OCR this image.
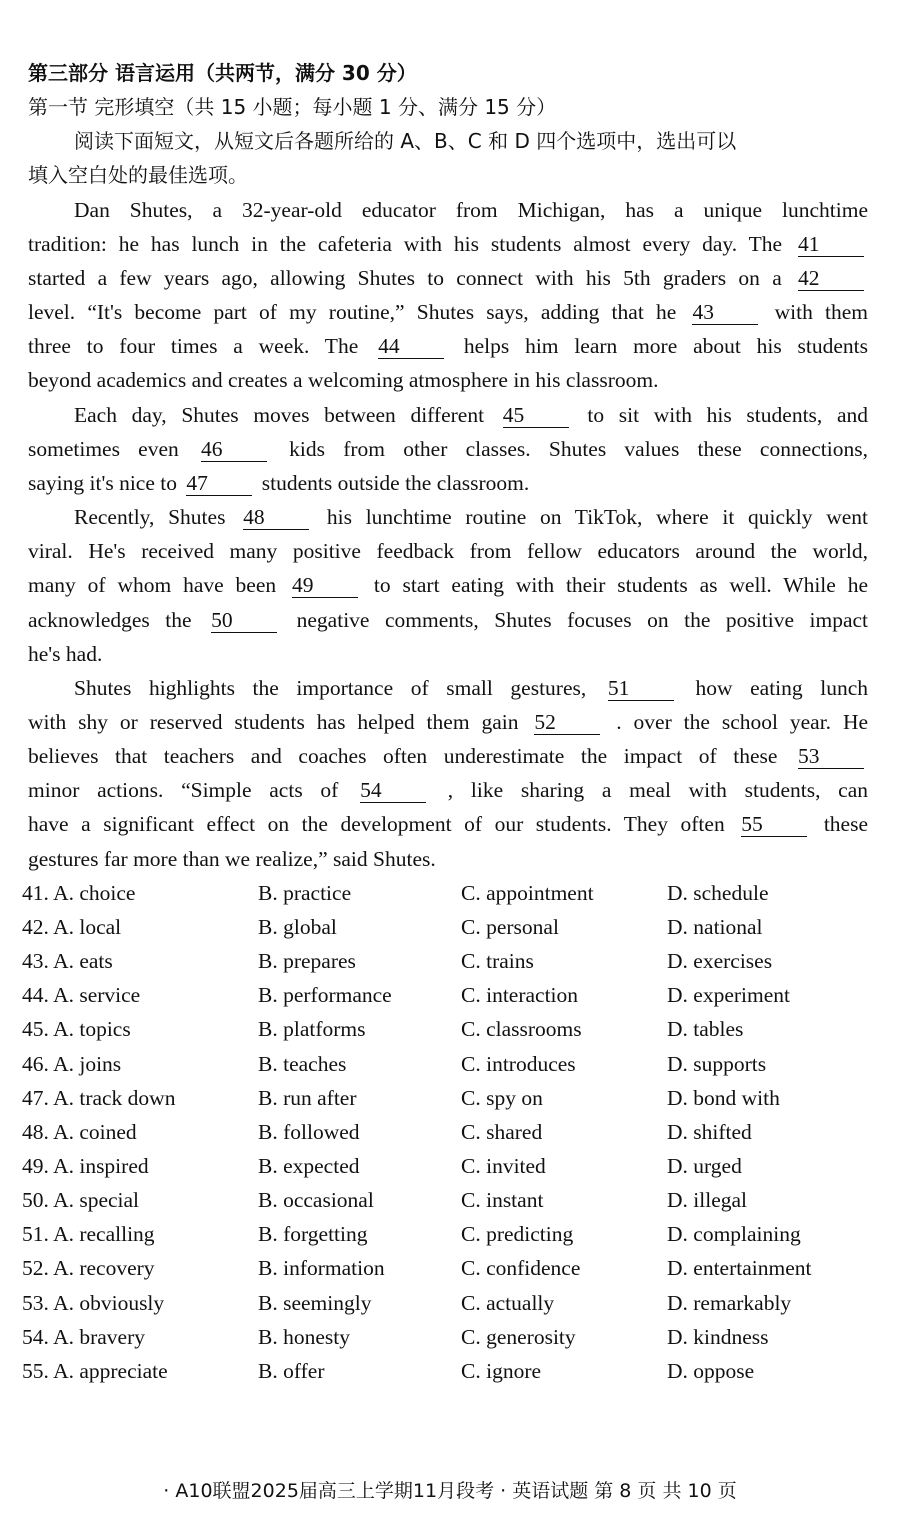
第三部分 语言运用（共两节，满分 30 分）
第一节 完形填空（共 15 小题；每小题 1 分、满分 15 分）
阅读下面短文，从短文后各题所给的 A、B、C 和 D 四个选项中，选出可以
填入空白处的最佳选项。
Dan Shutes, a 32-year-old educator from Michigan, has a unique lunchtime
tradition: he has lunch in the cafeteria with his students almost every day. The 41
started a few years ago, allowing Shutes to connect with his 5th graders on a 42
level. “It's become part of my routine,” Shutes says, adding that he 43	with them
three to four times a week. The 44	helps him learn more about his students
beyond academics and creates a welcoming atmosphere in his classroom.
Each day, Shutes moves between different 45	to sit with his students, and
sometimes even 46	kids from other classes. Shutes values these connections,
saying it's nice to 47	students outside the classroom.
Recently, Shutes 48	his lunchtime routine on TikTok, where it quickly went
viral. He's received many positive feedback from fellow educators around the world,
many of whom have been 49	to start eating with their students as well. While he
acknowledges the 50	negative comments, Shutes focuses on the positive impact
he's had.
Shutes highlights the importance of small gestures, 51	how eating lunch
with shy or reserved students has helped them gain 52	. over the school year. He
believes that teachers and coaches often underestimate the impact of these 53
minor actions. “Simple acts of 54	, like sharing a meal with students, can
have a significant effect on the development of our students. They often 55	these
gestures far more than we realize,” said Shutes.
41. A. choice	B. practice	C. appointment	D. schedule
42. A. local	B. global	C. personal	D. national
43. A. eats	B. prepares	C. trains	D. exercises
44. A. service	B. performance	C. interaction	D. experiment
45. A. topics	B. platforms	C. classrooms	D. tables
46. A. joins	B. teaches	C. introduces	D. supports
47. A. track down	B. run after	C. spy on	D. bond with
48. A. coined	B. followed	C. shared	D. shifted
49. A. inspired	B. expected	C. invited	D. urged
50. A. special	B. occasional	C. instant	D. illegal
51. A. recalling	B. forgetting	C. predicting	D. complaining
52. A. recovery	B. information	C. confidence	D. entertainment
53. A. obviously	B. seemingly	C. actually	D. remarkably
54. A. bravery	B. honesty	C. generosity	D. kindness
55. A. appreciate	B. offer	C. ignore	D. oppose
· A10联盟2025届高三上学期11月段考 · 英语试题 第 8 页 共 10 页
